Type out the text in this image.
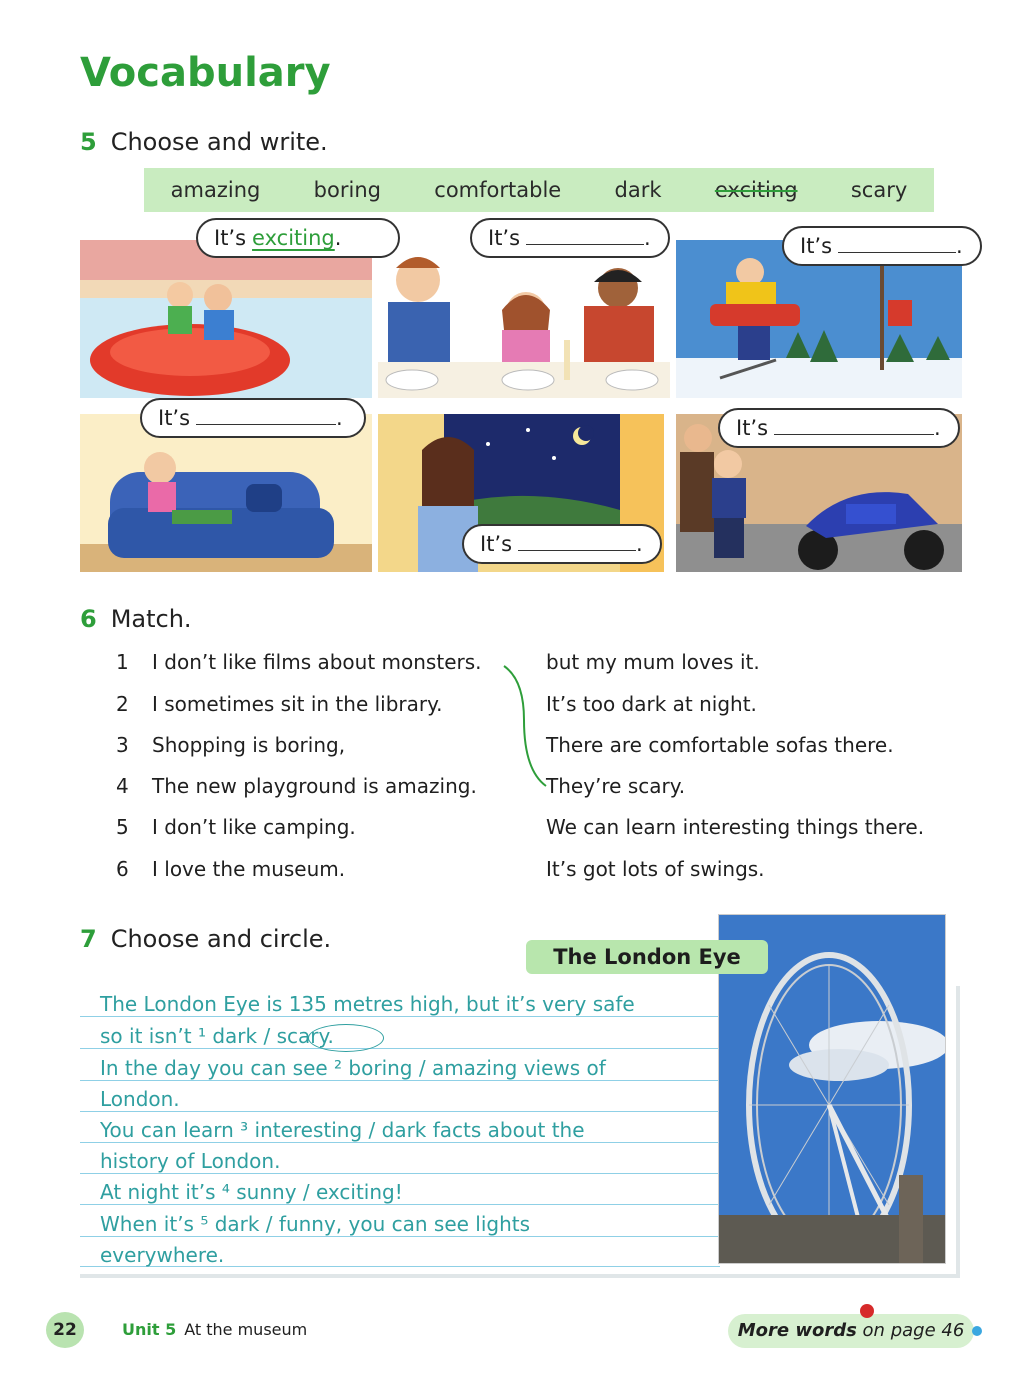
Vocabulary
5 Choose and write.
amazing	boring	comfortable	dark	exciting	scary
It’s exciting.	It’s	.	It’s	.
It’s	.
It’s	.
It’s	.
6 Match.
1	I don’t like films about monsters.	but my mum loves it.
2	I sometimes sit in the library.	It’s too dark at night.
3	Shopping is boring,	There are comfortable sofas there.
4	The new playground is amazing.	They’re scary.
5	I don’t like camping.	We can learn interesting things there.
6	I love the museum.	It’s got lots of swings.
7 Choose and circle.
The London Eye
The London Eye is 135 metres high, but it’s very safe
so it isn’t ¹ dark / scary.
In the day you can see ² boring / amazing views of
London.
You can learn ³ interesting / dark facts about the
history of London.
At night it’s ⁴ sunny / exciting!
When it’s ⁵ dark / funny, you can see lights
everywhere.
22	Unit 5 At the museum	More words on page 46
